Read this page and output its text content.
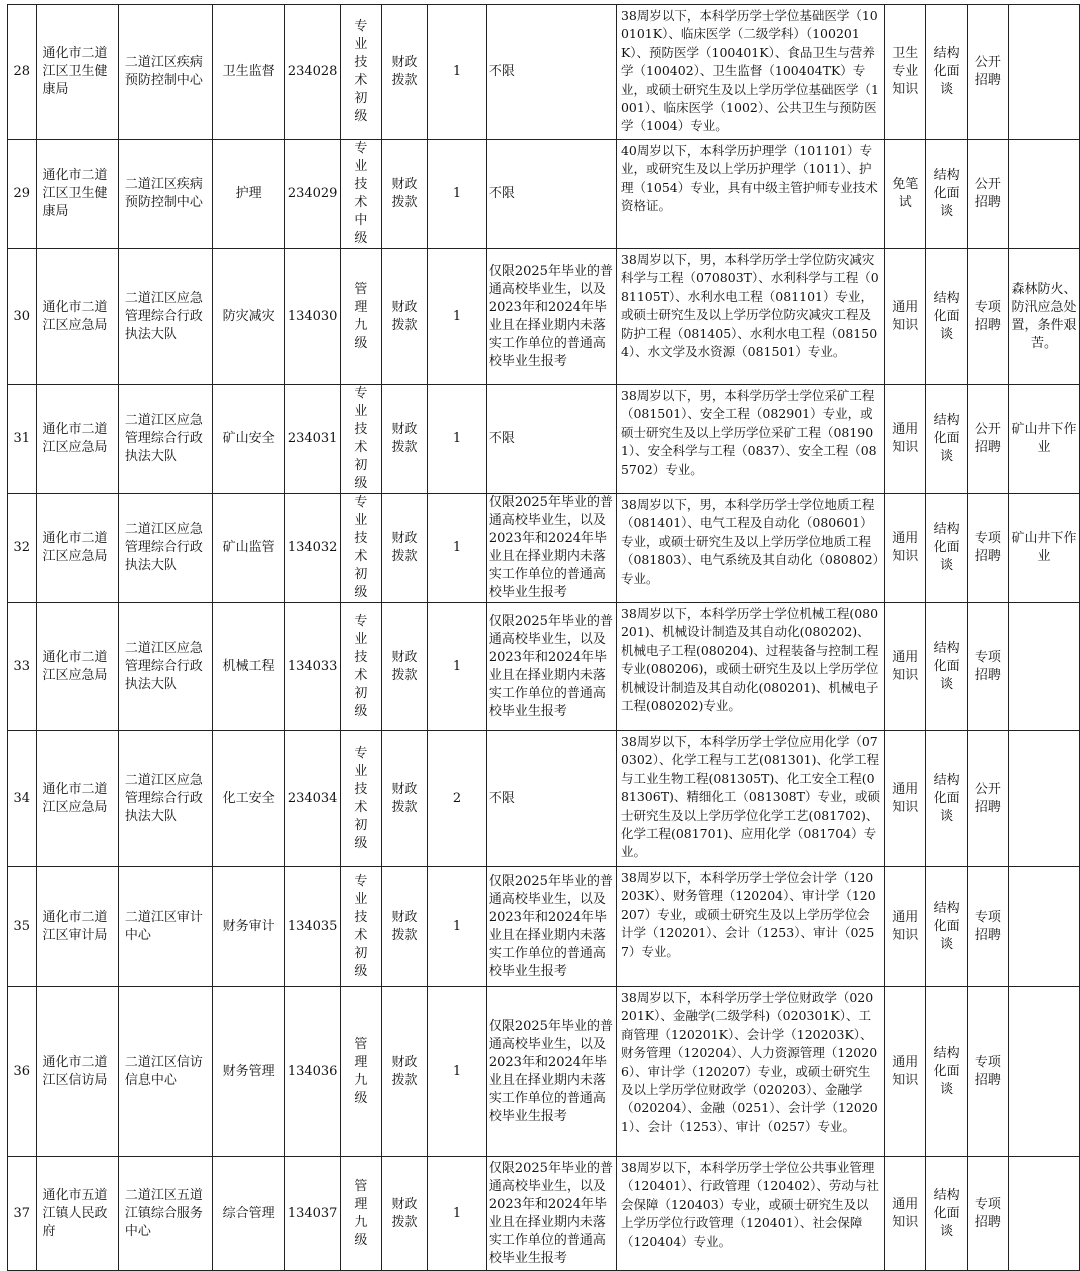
28	通化市二道江区卫生健康局	二道江区疾病预防控制中心	卫生监督	234028	专业技术初级	财政拨款	1	不限	38周岁以下，本科学历学士学位基础医学（100101K）、临床医学（二级学科）（100201K）、预防医学（100401K）、食品卫生与营养学（100402）、卫生监督（100404TK）专业，或硕士研究生及以上学历学位基础医学（1001）、临床医学（1002）、公共卫生与预防医学（1004）专业。	卫生专业知识	结构化面谈	公开招聘	
29	通化市二道江区卫生健康局	二道江区疾病预防控制中心	护理	234029	专业技术中级	财政拨款	1	不限	40周岁以下，本科学历护理学（101101）专业，或研究生及以上学历护理学（1011）、护理（1054）专业，具有中级主管护师专业技术资格证。	免笔试	结构化面谈	公开招聘	
30	通化市二道江区应急局	二道江区应急管理综合行政执法大队	防灾减灾	134030	管理九级	财政拨款	1	仅限2025年毕业的普通高校毕业生，以及2023年和2024年毕业且在择业期内未落实工作单位的普通高校毕业生报考	38周岁以下，男，本科学历学士学位防灾减灾科学与工程（070803T）、水利科学与工程（081105T）、水利水电工程（081101）专业，或硕士研究生及以上学历学位防灾减灾工程及防护工程（081405）、水利水电工程（081504）、水文学及水资源（081501）专业。	通用知识	结构化面谈	专项招聘	森林防火、防汛应急处置，条件艰苦。
31	通化市二道江区应急局	二道江区应急管理综合行政执法大队	矿山安全	234031	专业技术初级	财政拨款	1	不限	38周岁以下，男，本科学历学士学位采矿工程（081501）、安全工程（082901）专业，或硕士研究生及以上学历学位采矿工程（081901）、安全科学与工程（0837）、安全工程（085702）专业。	通用知识	结构化面谈	公开招聘	矿山井下作业
32	通化市二道江区应急局	二道江区应急管理综合行政执法大队	矿山监管	134032	专业技术初级	财政拨款	1	仅限2025年毕业的普通高校毕业生，以及2023年和2024年毕业且在择业期内未落实工作单位的普通高校毕业生报考	38周岁以下，男，本科学历学士学位地质工程（081401）、电气工程及自动化（080601）专业，或硕士研究生及以上学历学位地质工程（081803）、电气系统及其自动化（080802）专业。	通用知识	结构化面谈	专项招聘	矿山井下作业
33	通化市二道江区应急局	二道江区应急管理综合行政执法大队	机械工程	134033	专业技术初级	财政拨款	1	仅限2025年毕业的普通高校毕业生，以及2023年和2024年毕业且在择业期内未落实工作单位的普通高校毕业生报考	38周岁以下，本科学历学士学位机械工程(080201)、机械设计制造及其自动化(080202)、机械电子工程(080204)、过程装备与控制工程专业(080206)，或硕士研究生及以上学历学位机械设计制造及其自动化(080201)、机械电子工程(080202)专业。	通用知识	结构化面谈	专项招聘	
34	通化市二道江区应急局	二道江区应急管理综合行政执法大队	化工安全	234034	专业技术初级	财政拨款	2	不限	38周岁以下，本科学历学士学位应用化学（070302）、化学工程与工艺(081301)、化学工程与工业生物工程(081305T)、化工安全工程(081306T)、精细化工（081308T）专业，或硕士研究生及以上学历学位化学工艺(081702)、化学工程(081701)、应用化学（081704）专业。	通用知识	结构化面谈	公开招聘	
35	通化市二道江区审计局	二道江区审计中心	财务审计	134035	专业技术初级	财政拨款	1	仅限2025年毕业的普通高校毕业生，以及2023年和2024年毕业且在择业期内未落实工作单位的普通高校毕业生报考	38周岁以下，本科学历学士学位会计学（120203K）、财务管理（120204）、审计学（120207）专业，或硕士研究生及以上学历学位会计学（120201）、会计（1253）、审计（0257）专业。	通用知识	结构化面谈	专项招聘	
36	通化市二道江区信访局	二道江区信访信息中心	财务管理	134036	管理九级	财政拨款	1	仅限2025年毕业的普通高校毕业生，以及2023年和2024年毕业且在择业期内未落实工作单位的普通高校毕业生报考	38周岁以下，本科学历学士学位财政学（020201K）、金融学(二级学科)（020301K）、工商管理（120201K）、会计学（120203K）、财务管理（120204）、人力资源管理（120206）、审计学（120207）专业，或硕士研究生及以上学历学位财政学（020203）、金融学（020204）、金融（0251）、会计学（120201）、会计（1253）、审计（0257）专业。	通用知识	结构化面谈	专项招聘	
37	通化市五道江镇人民政府	二道江区五道江镇综合服务中心	综合管理	134037	管理九级	财政拨款	1	仅限2025年毕业的普通高校毕业生，以及2023年和2024年毕业且在择业期内未落实工作单位的普通高校毕业生报考	38周岁以下，本科学历学士学位公共事业管理（120401）、行政管理（120402）、劳动与社会保障（120403）专业，或硕士研究生及以上学历学位行政管理（120401）、社会保障（120404）专业。	通用知识	结构化面谈	专项招聘	
